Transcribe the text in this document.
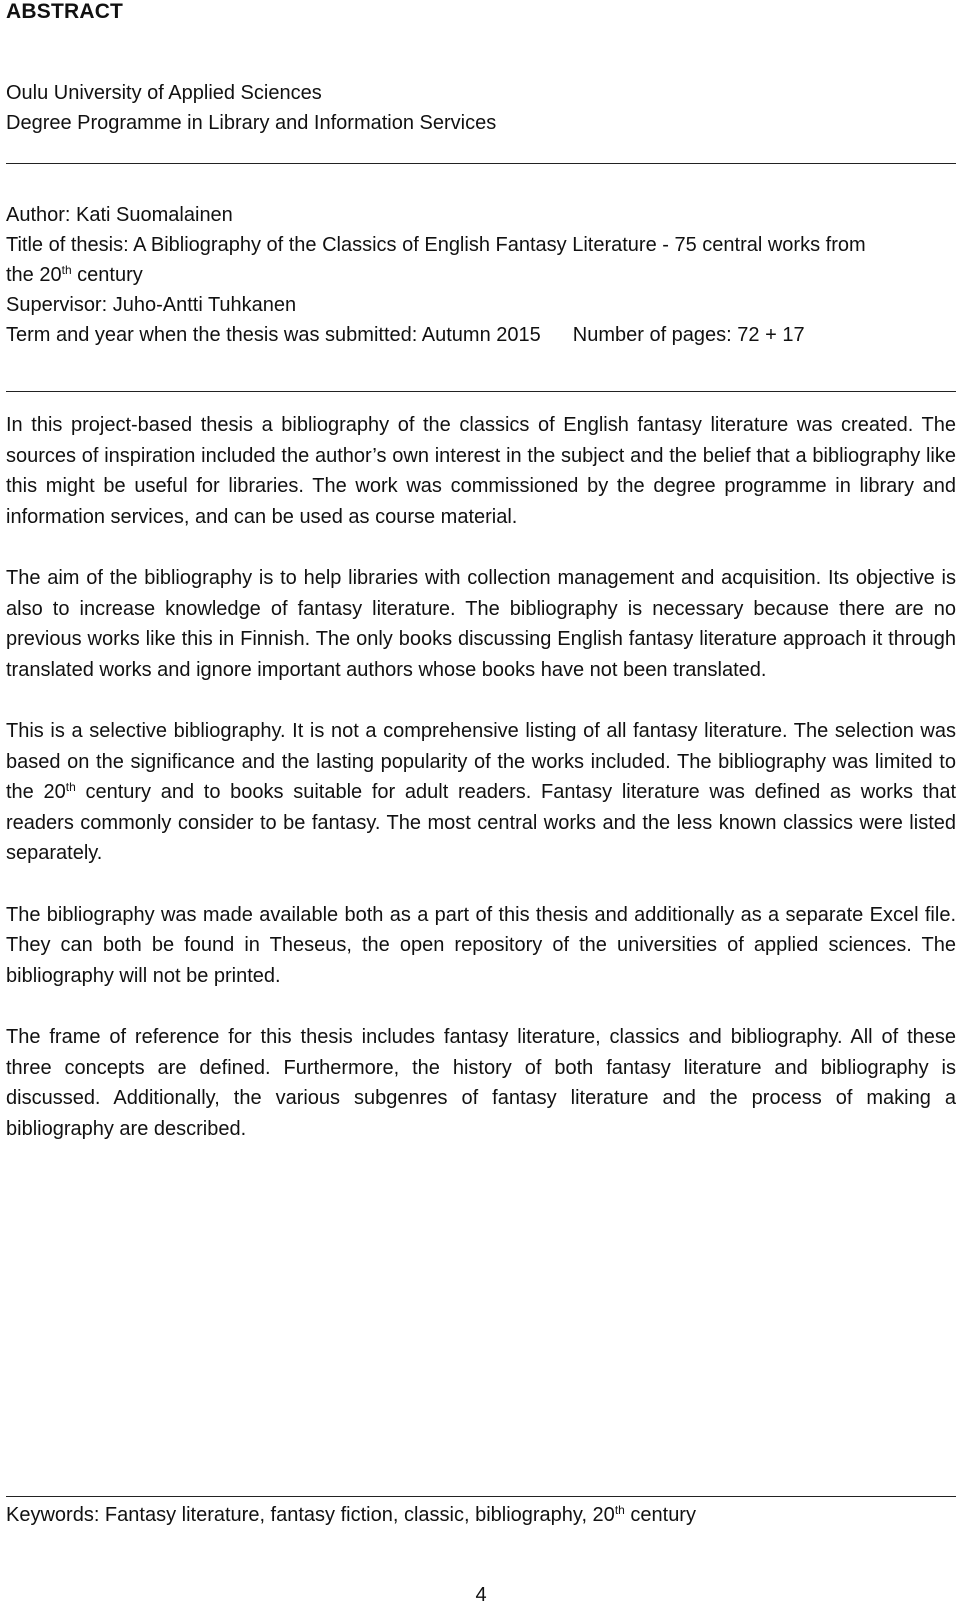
ABSTRACT

Oulu University of Applied Sciences

Degree Programme in Library and Information Services

Author: Kati Suomalainen

Title of thesis: A Bibliography of the Classics of English Fantasy Literature - 75 central works from

the 20th century

Supervisor: Juho-Antti Tuhkanen

Term and year when the thesis was submitted: Autumn 2015 Number of pages: 72 + 17

In this project-based thesis a bibliography of the classics of English fantasy literature was created. The sources of inspiration included the author’s own interest in the subject and the belief that a bibliography like this might be useful for libraries. The work was commissioned by the degree programme in library and information services, and can be used as course material.

The aim of the bibliography is to help libraries with collection management and acquisition. Its objective is also to increase knowledge of fantasy literature. The bibliography is necessary because there are no previous works like this in Finnish. The only books discussing English fantasy literature approach it through translated works and ignore important authors whose books have not been translated.

This is a selective bibliography. It is not a comprehensive listing of all fantasy literature. The selection was based on the significance and the lasting popularity of the works included. The bibliography was limited to the 20th century and to books suitable for adult readers. Fantasy literature was defined as works that readers commonly consider to be fantasy. The most central works and the less known classics were listed separately.

The bibliography was made available both as a part of this thesis and additionally as a separate Excel file. They can both be found in Theseus, the open repository of the universities of applied sciences. The bibliography will not be printed.

The frame of reference for this thesis includes fantasy literature, classics and bibliography. All of these three concepts are defined. Furthermore, the history of both fantasy literature and bibliography is discussed. Additionally, the various subgenres of fantasy literature and the process of making a bibliography are described.

Keywords: Fantasy literature, fantasy fiction, classic, bibliography, 20th century

4
